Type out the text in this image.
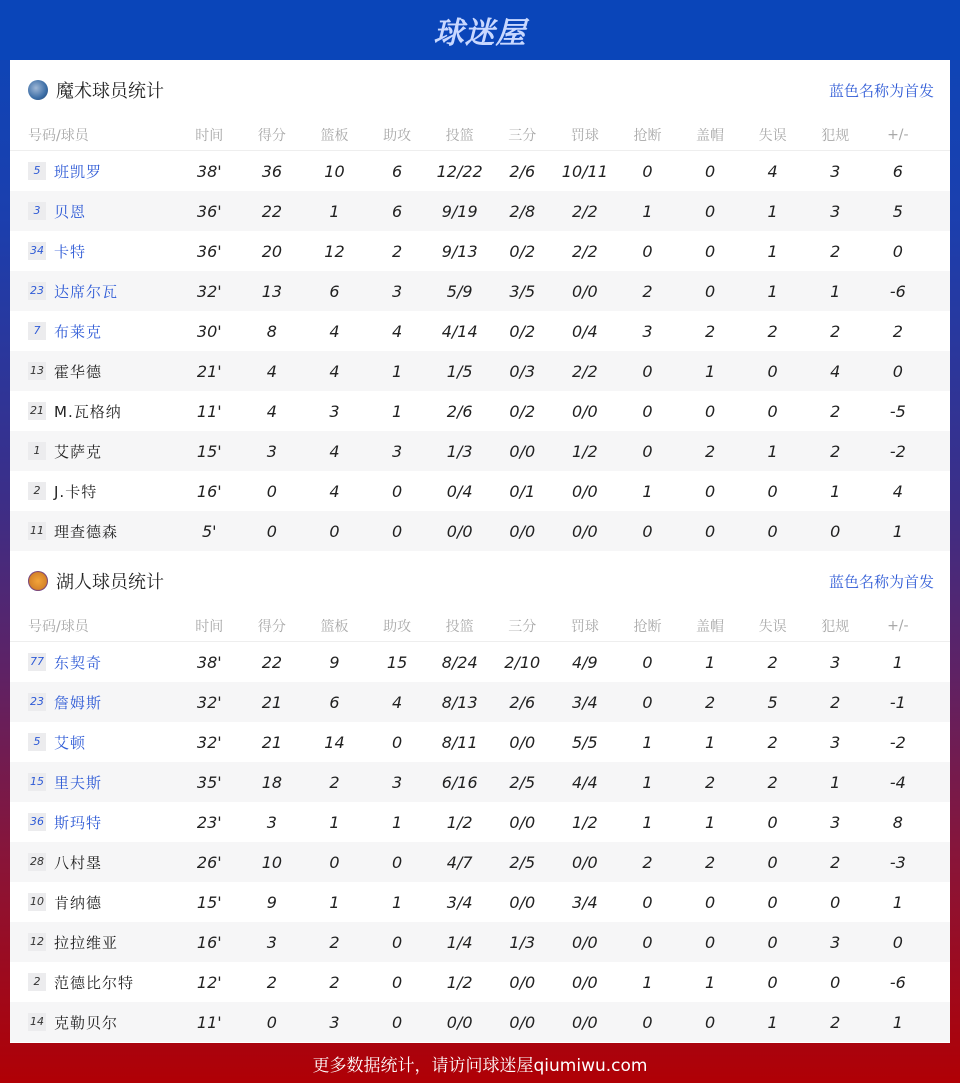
球迷屋
魔术球员统计	蓝色名称为首发
号码/球员	时间	得分	篮板	助攻	投篮	三分	罚球	抢断	盖帽	失误	犯规	+/-
5 班凯罗	38'	36	10	6	12/22	2/6	10/11	0	0	4	3	6
3 贝恩	36'	22	1	6	9/19	2/8	2/2	1	0	1	3	5
34 卡特	36'	20	12	2	9/13	0/2	2/2	0	0	1	2	0
23 达席尔瓦	32'	13	6	3	5/9	3/5	0/0	2	0	1	1	-6
7 布莱克	30'	8	4	4	4/14	0/2	0/4	3	2	2	2	2
13 霍华德	21'	4	4	1	1/5	0/3	2/2	0	1	0	4	0
21 M.瓦格纳	11'	4	3	1	2/6	0/2	0/0	0	0	0	2	-5
1 艾萨克	15'	3	4	3	1/3	0/0	1/2	0	2	1	2	-2
2 J.卡特	16'	0	4	0	0/4	0/1	0/0	1	0	0	1	4
11 理查德森	5'	0	0	0	0/0	0/0	0/0	0	0	0	0	1
湖人球员统计	蓝色名称为首发
号码/球员	时间	得分	篮板	助攻	投篮	三分	罚球	抢断	盖帽	失误	犯规	+/-
77 东契奇	38'	22	9	15	8/24	2/10	4/9	0	1	2	3	1
23 詹姆斯	32'	21	6	4	8/13	2/6	3/4	0	2	5	2	-1
5 艾顿	32'	21	14	0	8/11	0/0	5/5	1	1	2	3	-2
15 里夫斯	35'	18	2	3	6/16	2/5	4/4	1	2	2	1	-4
36 斯玛特	23'	3	1	1	1/2	0/0	1/2	1	1	0	3	8
28 八村塁	26'	10	0	0	4/7	2/5	0/0	2	2	0	2	-3
10 肯纳德	15'	9	1	1	3/4	0/0	3/4	0	0	0	0	1
12 拉拉维亚	16'	3	2	0	1/4	1/3	0/0	0	0	0	3	0
2 范德比尔特	12'	2	2	0	1/2	0/0	0/0	1	1	0	0	-6
14 克勒贝尔	11'	0	3	0	0/0	0/0	0/0	0	0	1	2	1
更多数据统计，请访问球迷屋qiumiwu.com
